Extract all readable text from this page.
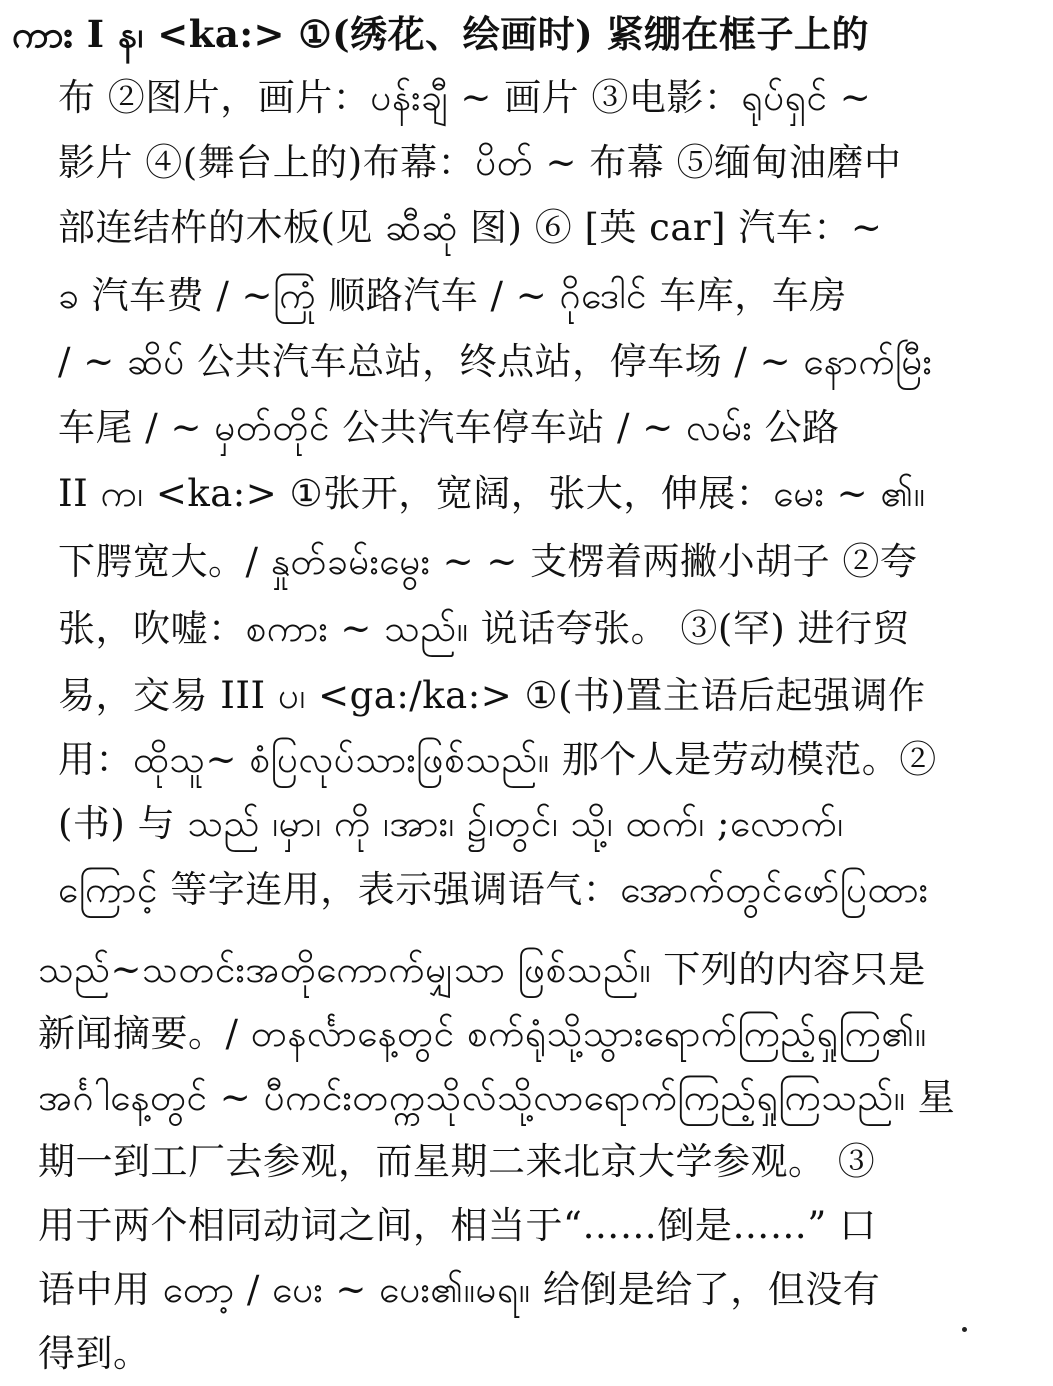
ကား I န၊ <ka:> ①(绣花、绘画时) 紧绷在框子上的
布 ②图片，画片：ပန်းချီ ~ 画片 ③电影：ရုပ်ရှင် ~
影片 ④(舞台上的)布幕：ပိတ် ~ 布幕 ⑤缅甸油磨中
部连结杵的木板(见 ဆီဆုံ 图) ⑥ [英 car] 汽车：~
ခ 汽车费 / ~ကြုံ 顺路汽车 / ~ ဂိုဒေါင် 车库，车房
/ ~ ဆိပ် 公共汽车总站，终点站，停车场 / ~ နောက်မြီး
车尾 / ~ မှတ်တိုင် 公共汽车停车站 / ~ လမ်း 公路
II က၊ <ka:> ①张开，宽阔，张大，伸展：မေး ~ ၏။
下腭宽大。/ နှုတ်ခမ်းမွေး ~ ~ 支楞着两撇小胡子 ②夸
张，吹嘘：စကား ~ သည်။ 说话夸张。 ③(罕) 进行贸
易，交易 III ပ၊ <ga:/ka:> ①(书)置主语后起强调作
用：ထိုသူ~ စံပြလုပ်သားဖြစ်သည်။ 那个人是劳动模范。②
(书) 与 သည် ၊မှာ၊ ကို ၊အား၊ ၌၊တွင်၊ သို့၊ ထက်၊ ;လောက်၊
ကြောင့် 等字连用，表示强调语气：အောက်တွင်ဖော်ပြထား
သည်~သတင်းအတိုကောက်မျှသာ ဖြစ်သည်။ 下列的内容只是
新闻摘要。/ တနင်္လာနေ့တွင် စက်ရုံသို့သွားရောက်ကြည့်ရှုကြ၏။
အင်္ဂါနေ့တွင် ~ ပီကင်းတက္ကသိုလ်သို့လာရောက်ကြည့်ရှုကြသည်။ 星
期一到工厂去参观，而星期二来北京大学参观。 ③
用于两个相同动词之间，相当于“……倒是……” 口
语中用 တော့ / ပေး ~ ပေး၏။မရ။ 给倒是给了，但没有
得到。
